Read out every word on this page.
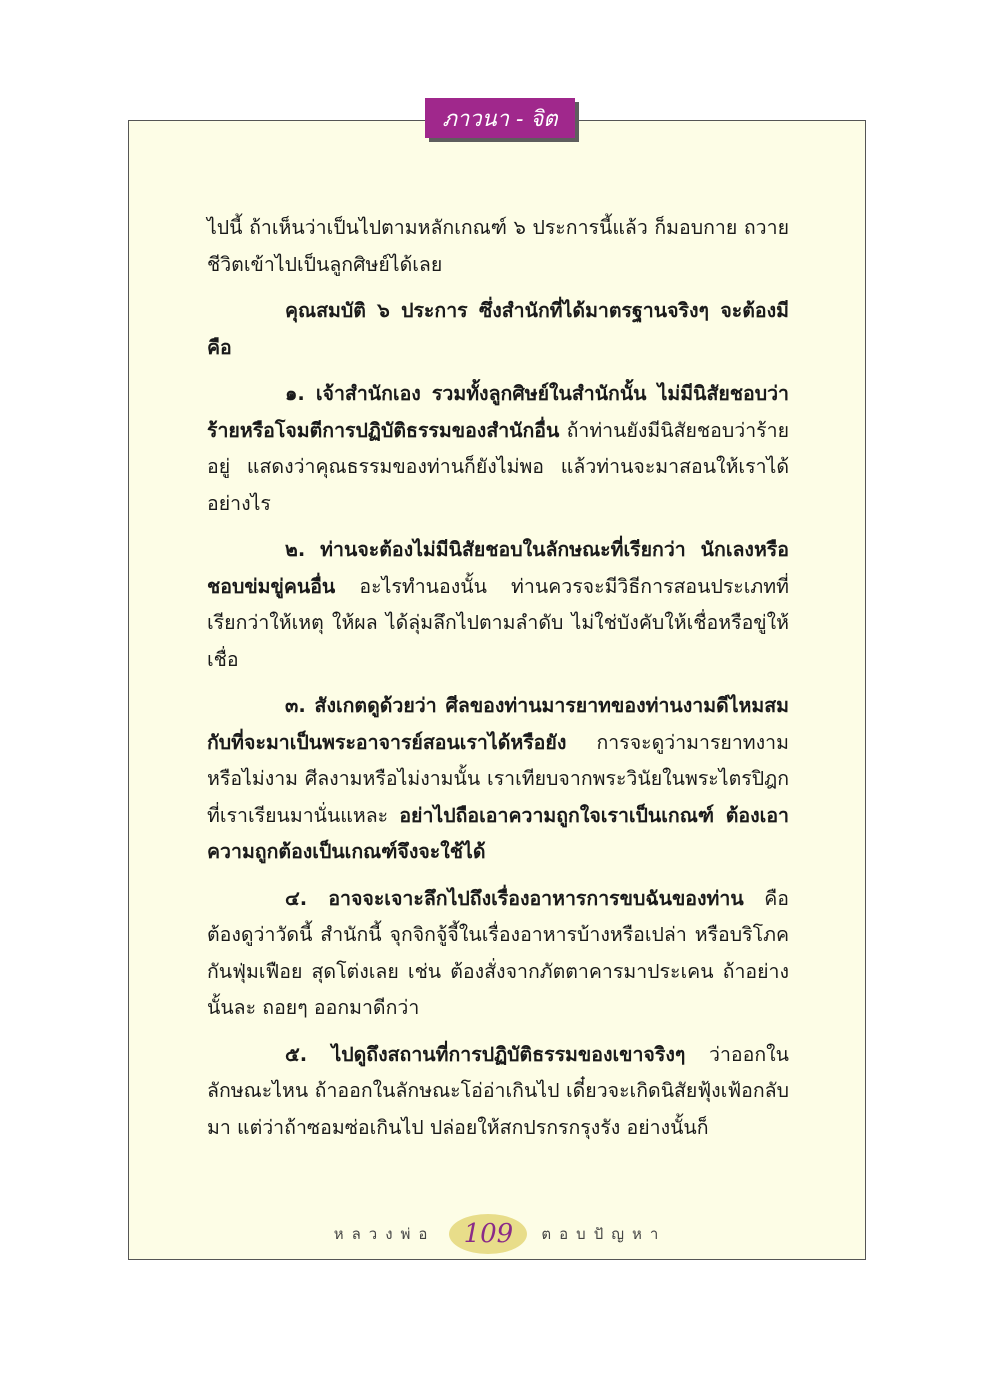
ภาวนา - จิต

ไปนี้ ถ้าเห็นว่าเป็นไปตามหลักเกณฑ์ ๖ ประการนี้แล้ว ก็มอบกาย ถวายชีวิตเข้าไปเป็นลูกศิษย์ได้เลย

คุณสมบัติ ๖ ประการ ซึ่งสำนักที่ได้มาตรฐานจริงๆ จะต้องมีคือ

๑. เจ้าสำนักเอง รวมทั้งลูกศิษย์ในสำนักนั้น ไม่มีนิสัยชอบว่าร้ายหรือโจมตีการปฏิบัติธรรมของสำนักอื่น ถ้าท่านยังมีนิสัยชอบว่าร้ายอยู่ แสดงว่าคุณธรรมของท่านก็ยังไม่พอ แล้วท่านจะมาสอนให้เราได้อย่างไร

๒. ท่านจะต้องไม่มีนิสัยชอบในลักษณะที่เรียกว่า นักเลงหรือชอบข่มขู่คนอื่น อะไรทำนองนั้น ท่านควรจะมีวิธีการสอนประเภทที่เรียกว่าให้เหตุ ให้ผล ได้ลุ่มลึกไปตามลำดับ ไม่ใช่บังคับให้เชื่อหรือขู่ให้เชื่อ

๓. สังเกตดูด้วยว่า ศีลของท่านมารยาทของท่านงามดีไหมสมกับที่จะมาเป็นพระอาจารย์สอนเราได้หรือยัง การจะดูว่ามารยาทงามหรือไม่งาม ศีลงามหรือไม่งามนั้น เราเทียบจากพระวินัยในพระไตรปิฎกที่เราเรียนมานั่นแหละ อย่าไปถือเอาความถูกใจเราเป็นเกณฑ์ ต้องเอาความถูกต้องเป็นเกณฑ์จึงจะใช้ได้

๔. อาจจะเจาะลึกไปถึงเรื่องอาหารการขบฉันของท่าน คือต้องดูว่าวัดนี้ สำนักนี้ จุกจิกจู้จี้ในเรื่องอาหารบ้างหรือเปล่า หรือบริโภคกันฟุ่มเฟือย สุดโต่งเลย เช่น ต้องสั่งจากภัตตาคารมาประเคน ถ้าอย่างนั้นละ ถอยๆ ออกมาดีกว่า

๕. ไปดูถึงสถานที่การปฏิบัติธรรมของเขาจริงๆ ว่าออกในลักษณะไหน ถ้าออกในลักษณะโอ่อ่าเกินไป เดี๋ยวจะเกิดนิสัยฟุ้งเฟ้อกลับมา แต่ว่าถ้าซอมซ่อเกินไป ปล่อยให้สกปรกรกรุงรัง อย่างนั้นก็

หลวงพ่อ 109 ตอบปัญหา
